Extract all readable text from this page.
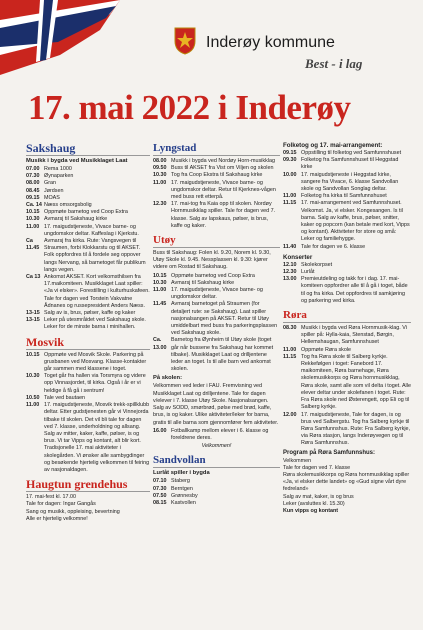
Inderøy kommune
Best - i lag
17. mai 2022 i Inderøy
Sakshaug
Musikk i bygda ved Musikklaget Laat
07.00 Rema 1000
07.30 Øynaparken
08.00 Gran
08.45 Jørdsen
09.15 MOAS
Ca. 14 Næss omsorgsbolig
10.15 Oppmøte barnetog ved Coop Extra
10.30 Avmarsj til Sakshaug kirke
11.00 17. maigudstjeneste, Vivace barne- og ungdomskor deltar. Kaffeslag i Kjerkstu.
Ca 11.45
Avmarsj fra kirka. Rute: Vangsvegen til Straumen, forbi Klokkarstu og til AKSET. Folk oppfordres til å fordele seg oppover langs Nervang, så barnetoget får publikum langs vegen.
Ca 13 Ankomst AKSET. Kort velkomsthilsen fra 17.maikomiteen. Musikklaget Laat spiller: «Ja vi elsker». Forestilling i kulturhuskafeen. Tale for dagen ved Torstein Vakvatne Ådnanes og russepresident Anders Næss.
13-15 Salg av is, brus, pølser, kaffe og kaker
13-15 Leker på utesmråidet ved Sakshaug skole. Leker for de minste barna i minihallen.
Mosvik
10.15 Oppmøte ved Mosvik Skole. Parkering på grusbanen ved Mosvang. Klasse-kontakter går sammen med klassene i toget.
10.30 Toget går fra hallen via Torsmyra og videre opp Vinnasjordet, til kirka. Også i år er vi heldige å få gå i sentrum!
10.50 Tale ved bautaen
11.00 17. maigudstjeneste, Mosvik trekk-spillklubb deltar. Etter gudstjenesten går vi Vinnejorda tilbake til skolen. Det vil bli tale for dagen ved 7. klasse, underholdning og allsang. Salg av mitter, kaker, kaffe, pølser, is og brus. Vi tar Vipps og kontant, alt blir kort.
Tradisjonelle 17. mai aktiviteter i skolegården. Vi ønsker alle sambygdinger og besøkende hjertelig velkommen til feiring av nasjonaldagen.
Haugtun grendehus
17. mai-fest kl. 17.00
Tale for dagen: Ingar Gangås
Sang og musikk, oppleising, bevertning
Alle er hjertelig velkomne!
Lyngstad
08.00 Musikk i bygda ved Nordøy Horn-musikklag
09.50 Buss til AKSET fra Vist om Viljen og skolen
10.30 Tog fra Coop Ekstra til Sakshaug kirke
11.00 17. maigudstjeneste, Vivace barne- og ungdomskor deltar. Retur til Kjerknes-vågen med buss rett etterpå.
12.30 17. mai-tog fra Kaia opp til skolen. Nordøy Hornmusikklag spiller. Tale for dagen ved 7. klasse. Salg av lapskaus, pølser, is brus, kaffe og kaker.
Utøy
Buss til Sakshaug: Folen kl. 9.20, Norem kl. 9.30, Utøy Skole kl. 9.45. Nessplassen kl. 9.30: kjører videre om Rostad til Sakshaug.
10.15 Oppmøte barnetog ved Coop Extra
10.30 Avmarsj til Sakshaug kirke
11.00 17. maigudstjeneste, Vivace barne- og ungdomskor deltar.
11.45 Avmarsj barnetoget på Straumen (for detaljert rute: se Sakshaug). Laat spiller nasjonalsangen på AKSET. Retur til Utøy umiddelbart med buss fra parkeringsplassen ved Sakshaug skole.
Ca. 13.00
Barnetog fra Øynheim til Utøy skole (toget går når bussene fra Sakshaug har kommet tilbake). Musikklaget Laat og drilljentene leder an toget. Is til alle barn ved ankomst skolen.
På skolen:
Velkommen ved leder i FAU. Fremvisning ved Musikklaget Laat og drilljentene. Tale for dagen v/elever i 7. klasse Utøy Skole. Nasjonalsangen. Salg av SODD, smørbrød, pølse med brød, kaffe, brus, is og kaker. Ulike aktiviteter/leker for barna, gratis til alle barna som gjennomfører fem aktiviteter.
16.00 Fotballkamp mellom elever i 6. klasse og foreldrene deres.
Velkommen!
Sandvollan
Lurlåt spiller i bygda
07.10 Staberg
07.30 Berntgen
07.50 Grønnesby
08.15 Kastvollen
Folketog og 17. mai-arrangement:
09.15 Oppstilling til folketog ved Samfunnshuset
09.30 Folketog fra Samfunnshuset til Heggstad kirke
10.00 17. maigudstjeneste i Heggstad kirke, sangere fra Vivace, 6. klasse Sandvollan skole og Sandvollan Songlag deltar.
11.00 Folketog fra kirka til Samfunnshuset
11.15 17. mai-arrangement ved Samfunnshuset. Velkomst. Ja, vi elsker. Kongesangen. Is til barna. Salg av kaffe, brus, pølser, snitter, kaker og popcorn (kan betale med kort, Vipps og kontant). Aktiviteter for store og små: Leker og familiehygge.
11.40 Tale for dagen ve 6. klasse
Konserter
12.10 Skolekorpset
12.30 Lurlåt
13.00 Premieutdeling og takk for i dag. 17. mai-komiteen oppfordrer alle til å gå i toget, både til og fra kirka. Det oppfordres til samkjøring og parkering ved kirka.
Røra
08.30 Musikk i bygda ved Røra Hornmusik-klag. Vi spiller på: Hylla-kaia, Stenstad, Børgin, Hellemshaugan, Samfunnshuset
11.00 Oppmøte Røra skole
11.15 Tog fra Røra skole til Salberg kyrkje. Rekkefølgen i toget: Fanebord 17. maikomiteen, Røra barnehage, Røra skolemusikkorps og Røra hornmusikklag, Røra skole, samt alle som vil delta i toget. Alle elever deltar under skolefanen i toget. Rute: Fra Røra skole ned Østerengett, opp Eli og til Salberg kyrkje.
12.00 17. maigudstjeneste, Tale for dagen, is og brus ved Salbergstu. Tog fra Salberg kyrkje til Røra Samfunnshus. Rute: Fra Salberg kyrkje, via Røra stasjon, langs Inderøyvegen og til Røra Samfunnshus.
Program på Røra Samfunnshus:
Velkommen
Tale for dagen ved 7. klasse
Røra skolemusikkorps og Røra hornmusikklag spiller «Ja, vi elsker dette landet» og «Gud signe vårt dyre fedreland»
Salg av mat, kaker, is og brus
Leker (avsluttes kl. 15.30)
Kun vipps og kontant
